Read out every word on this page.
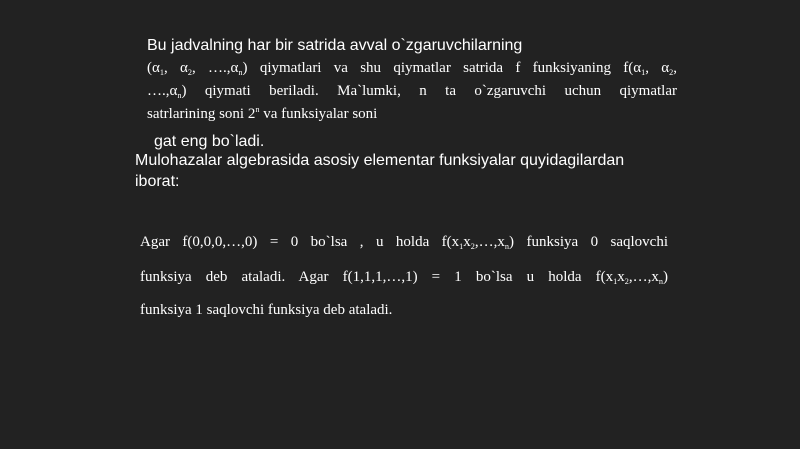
Bu jadvalning har bir satrida avval o`zgaruvchilarning
($\alpha_1$, $\alpha_2$, $\dots.,\alpha_n$) qiymatlari va shu qiymatlar satrida f funksiyaning $f(\alpha_1$, $\alpha_2$,
$\dots.,\alpha_n$) qiymati beriladi. Ma`lumki, n ta o`zgaruvchi uchun qiymatlar
satrlarining soni 2$^n$ va funksiyalar soni
gat eng bo`ladi.
Mulohazalar algebrasida asosiy elementar funksiyalar quyidagilardan
iborat:
Agar f(0,0,0,…,0) = 0 bo`lsa , u holda $f(x_1x_2,\dots,x_n)$ funksiya 0 saqlovchi
funksiya deb ataladi. Agar f(1,1,1,…,1) = 1 bo`lsa u holda $f(x_1x_2,\dots,x_n)$
funksiya 1 saqlovchi funksiya deb ataladi.
